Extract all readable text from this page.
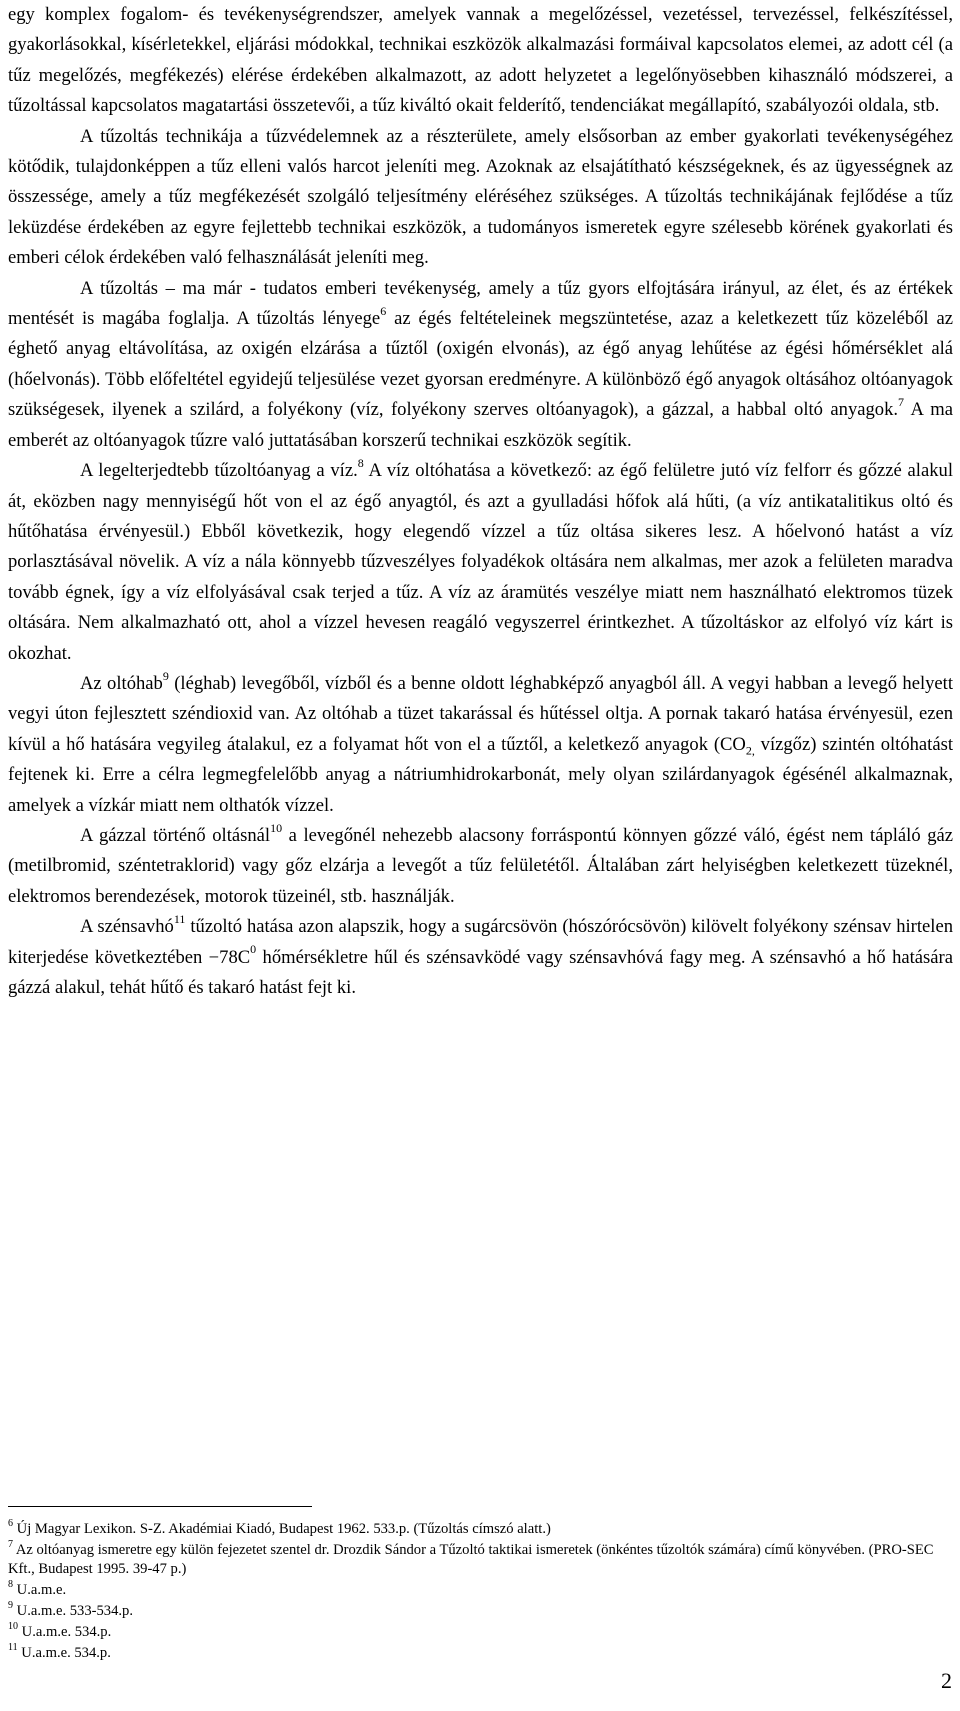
egy komplex fogalom- és tevékenységrendszer, amelyek vannak a megelőzéssel, vezetéssel, tervezéssel, felkészítéssel, gyakorlásokkal, kísérletekkel, eljárási módokkal, technikai eszközök alkalmazási formáival kapcsolatos elemei, az adott cél (a tűz megelőzés, megfékezés) elérése érdekében alkalmazott, az adott helyzetet a legelőnyösebben kihasználó módszerei, a tűzoltással kapcsolatos magatartási összetevői, a tűz kiváltó okait felderítő, tendenciákat megállapító, szabályozói oldala, stb.

A tűzoltás technikája a tűzvédelemnek az a részterülete, amely elsősorban az ember gyakorlati tevékenységéhez kötődik, tulajdonképpen a tűz elleni valós harcot jeleníti meg. Azoknak az elsajátítható készségeknek, és az ügyességnek az összessége, amely a tűz megfékezését szolgáló teljesítmény eléréséhez szükséges. A tűzoltás technikájának fejlődése a tűz leküzdése érdekében az egyre fejlettebb technikai eszközök, a tudományos ismeretek egyre szélesebb körének gyakorlati és emberi célok érdekében való felhasználását jeleníti meg.

A tűzoltás – ma már - tudatos emberi tevékenység, amely a tűz gyors elfojtására irányul, az élet, és az értékek mentését is magába foglalja. A tűzoltás lényege$^6$ az égés feltételeinek megszüntetése, azaz a keletkezett tűz közeléből az éghető anyag eltávolítása, az oxigén elzárása a tűztől (oxigén elvonás), az égő anyag lehűtése az égési hőmérséklet alá (hőelvonás). Több előfeltétel egyidejű teljesülése vezet gyorsan eredményre. A különböző égő anyagok oltásához oltóanyagok szükségesek, ilyenek a szilárd, a folyékony (víz, folyékony szerves oltóanyagok), a gázzal, a habbal oltó anyagok.$^7$ A ma emberét az oltóanyagok tűzre való juttatásában korszerű technikai eszközök segítik.

A legelterjedtebb tűzoltóanyag a víz.$^8$ A víz oltóhatása a következő: az égő felületre jutó víz felforr és gőzzé alakul át, eközben nagy mennyiségű hőt von el az égő anyagtól, és azt a gyulladási hőfok alá hűti, (a víz antikatalitikus oltó és hűtőhatása érvényesül.) Ebből következik, hogy elegendő vízzel a tűz oltása sikeres lesz. A hőelvonó hatást a víz porlasztásával növelik. A víz a nála könnyebb tűzveszélyes folyadékok oltására nem alkalmas, mer azok a felületen maradva tovább égnek, így a víz elfolyásával csak terjed a tűz. A víz az áramütés veszélye miatt nem használható elektromos tüzek oltására. Nem alkalmazható ott, ahol a vízzel hevesen reagáló vegyszerrel érintkezhet. A tűzoltáskor az elfolyó víz kárt is okozhat.

Az oltóhab$^9$ (léghab) levegőből, vízből és a benne oldott léghabképző anyagból áll. A vegyi habban a levegő helyett vegyi úton fejlesztett széndioxid van. Az oltóhab a tüzet takarással és hűtéssel oltja. A pornak takaró hatása érvényesül, ezen kívül a hő hatására vegyileg átalakul, ez a folyamat hőt von el a tűztől, a keletkező anyagok ($CO_{2,}$ vízgőz) szintén oltóhatást fejtenek ki. Erre a célra legmegfelelőbb anyag a nátriumhidrokarbonát, mely olyan szilárdanyagok égésénél alkalmaznak, amelyek a vízkár miatt nem olthatók vízzel.

A gázzal történő oltásnál$^{10}$ a levegőnél nehezebb alacsony forráspontú könnyen gőzzé váló, égést nem tápláló gáz (metilbromid, széntetraklorid) vagy gőz elzárja a levegőt a tűz felületétől. Általában zárt helyiségben keletkezett tüzeknél, elektromos berendezések, motorok tüzeinél, stb. használják.

A szénsavhó$^{11}$ tűzoltó hatása azon alapszik, hogy a sugárcsövön (hószórócsövön) kilövelt folyékony szénsav hirtelen kiterjedése következtében $-78C^0$ hőmérsékletre hűl és szénsavködé vagy szénsavhóvá fagy meg. A szénsavhó a hő hatására gázzá alakul, tehát hűtő és takaró hatást fejt ki.

$^6$ Új Magyar Lexikon. S-Z. Akadémiai Kiadó, Budapest 1962. 533.p. (Tűzoltás címszó alatt.)
$^7$ Az oltóanyag ismeretre egy külön fejezetet szentel dr. Drozdik Sándor a Tűzoltó taktikai ismeretek (önkéntes tűzoltók számára) című könyvében. (PRO-SEC Kft., Budapest 1995. 39-47 p.)
$^8$ U.a.m.e.
$^9$ U.a.m.e. 533-534.p.
$^{10}$ U.a.m.e. 534.p.
$^{11}$ U.a.m.e. 534.p.
2
